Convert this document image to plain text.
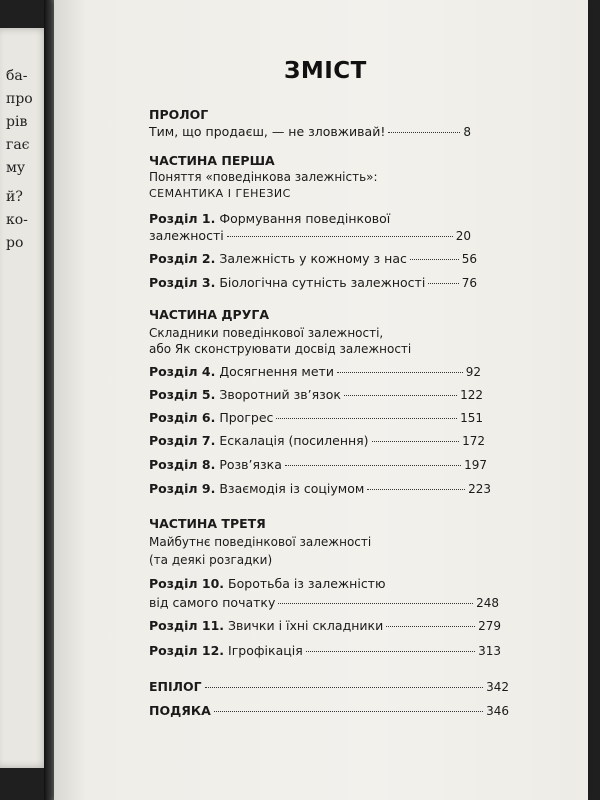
ба-
про
рів
гає
му
й?
ко-
ро
ЗМІСТ
ПРОЛОГ
Тим, що продаєш, — не зловживай!	8
ЧАСТИНА ПЕРША
Поняття «поведінкова залежність»:
СЕМАНТИКА І ГЕНЕЗИС
Розділ 1. Формування поведінкової
залежності	20
Розділ 2. Залежність у кожному з нас	56
Розділ 3. Біологічна сутність залежності	76
ЧАСТИНА ДРУГА
Складники поведінкової залежності,
або Як сконструювати досвід залежності
Розділ 4. Досягнення мети	92
Розділ 5. Зворотний зв’язок	122
Розділ 6. Прогрес	151
Розділ 7. Ескалація (посилення)	172
Розділ 8. Розв’язка	197
Розділ 9. Взаємодія із соціумом	223
ЧАСТИНА ТРЕТЯ
Майбутнє поведінкової залежності
(та деякі розгадки)
Розділ 10. Боротьба із залежністю
від самого початку	248
Розділ 11. Звички і їхні складники	279
Розділ 12. Ігрофікація	313
ЕПІЛОГ	342
ПОДЯКА	346
